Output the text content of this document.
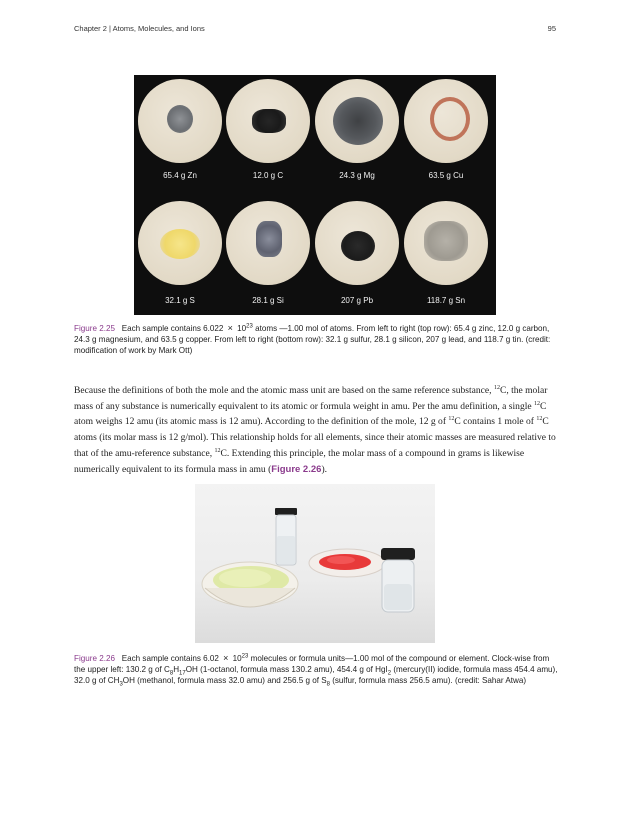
Chapter 2 | Atoms, Molecules, and Ions	95
65.4 g Zn	12.0 g C	24.3 g Mg	63.5 g Cu
32.1 g S	28.1 g Si	207 g Pb	118.7 g Sn
Figure 2.25 Each sample contains $6.022 \times 10^{23}$ atoms —1.00 mol of atoms. From left to right (top row): 65.4 g zinc, 12.0 g carbon, 24.3 g magnesium, and 63.5 g copper. From left to right (bottom row): 32.1 g sulfur, 28.1 g silicon, 207 g lead, and 118.7 g tin. (credit: modification of work by Mark Ott)
Because the definitions of both the mole and the atomic mass unit are based on the same reference substance, $^{12}$C, the molar mass of any substance is numerically equivalent to its atomic or formula weight in amu. Per the amu definition, a single $^{12}$C atom weighs 12 amu (its atomic mass is 12 amu). According to the definition of the mole, 12 g of $^{12}$C contains 1 mole of $^{12}$C atoms (its molar mass is 12 g/mol). This relationship holds for all elements, since their atomic masses are measured relative to that of the amu-reference substance, $^{12}$C. Extending this principle, the molar mass of a compound in grams is likewise numerically equivalent to its formula mass in amu (Figure 2.26).
Figure 2.26 Each sample contains $6.02 \times 10^{23}$ molecules or formula units—1.00 mol of the compound or element. Clock-wise from the upper left: 130.2 g of $C_8H_{17}OH$ (1-octanol, formula mass 130.2 amu), 454.4 g of HgI$_2$ (mercury(II) iodide, formula mass 454.4 amu), 32.0 g of $CH_3OH$ (methanol, formula mass 32.0 amu) and 256.5 g of $S_8$ (sulfur, formula mass 256.5 amu). (credit: Sahar Atwa)
